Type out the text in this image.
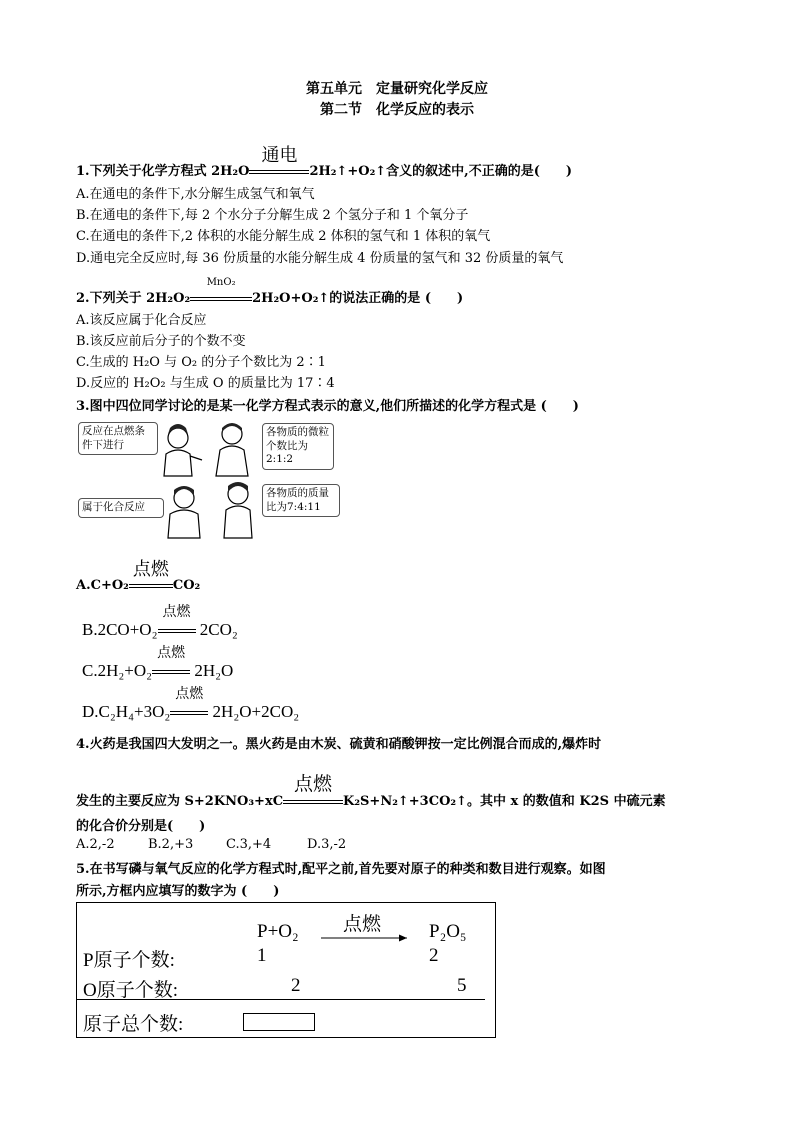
第五单元　定量研究化学反应
第二节　化学反应的表示
1.下列关于化学方程式 2H₂O
通电
2H₂↑+O₂↑含义的叙述中,不正确的是(　　)
A.在通电的条件下,水分解生成氢气和氧气
B.在通电的条件下,每 2 个水分子分解生成 2 个氢分子和 1 个氧分子
C.在通电的条件下,2 体积的水能分解生成 2 体积的氢气和 1 体积的氧气
D.通电完全反应时,每 36 份质量的水能分解生成 4 份质量的氢气和 32 份质量的氧气
2.下列关于 2H₂O₂
MnO₂
2H₂O+O₂↑的说法正确的是 (　　)
A.该反应属于化合反应
B.该反应前后分子的个数不变
C.生成的 H₂O 与 O₂ 的分子个数比为 2∶1
D.反应的 H₂O₂ 与生成 O 的质量比为 17∶4
3.图中四位同学讨论的是某一化学方程式表示的意义,他们所描述的化学方程式是 (　　)
反应在点燃条件下进行
各物质的微粒个数比为2:1:2
属于化合反应
各物质的质量比为7:4:11
A.C+O₂
点燃
CO₂
B.2CO+O₂
点燃
2CO₂
C.2H₂+O₂
点燃
2H₂O
D.C₂H₄+3O₂
点燃
2H₂O+2CO₂
4.火药是我国四大发明之一。黑火药是由木炭、硫黄和硝酸钾按一定比例混合而成的,爆炸时
发生的主要反应为 S+2KNO₃+xC
点燃
K₂S+N₂↑+3CO₂↑。其中 x 的数值和 K2S 中硫元素
的化合价分别是(　　)
A.2,-2	B.2,+3	C.3,+4	D.3,-2
5.在书写磷与氧气反应的化学方程式时,配平之前,首先要对原子的种类和数目进行观察。如图
所示,方框内应填写的数字为 (　　)
P+O₂ 点燃	P₂O₅
P原子个数:	1	2
O原子个数:	2	5
原子总个数:
